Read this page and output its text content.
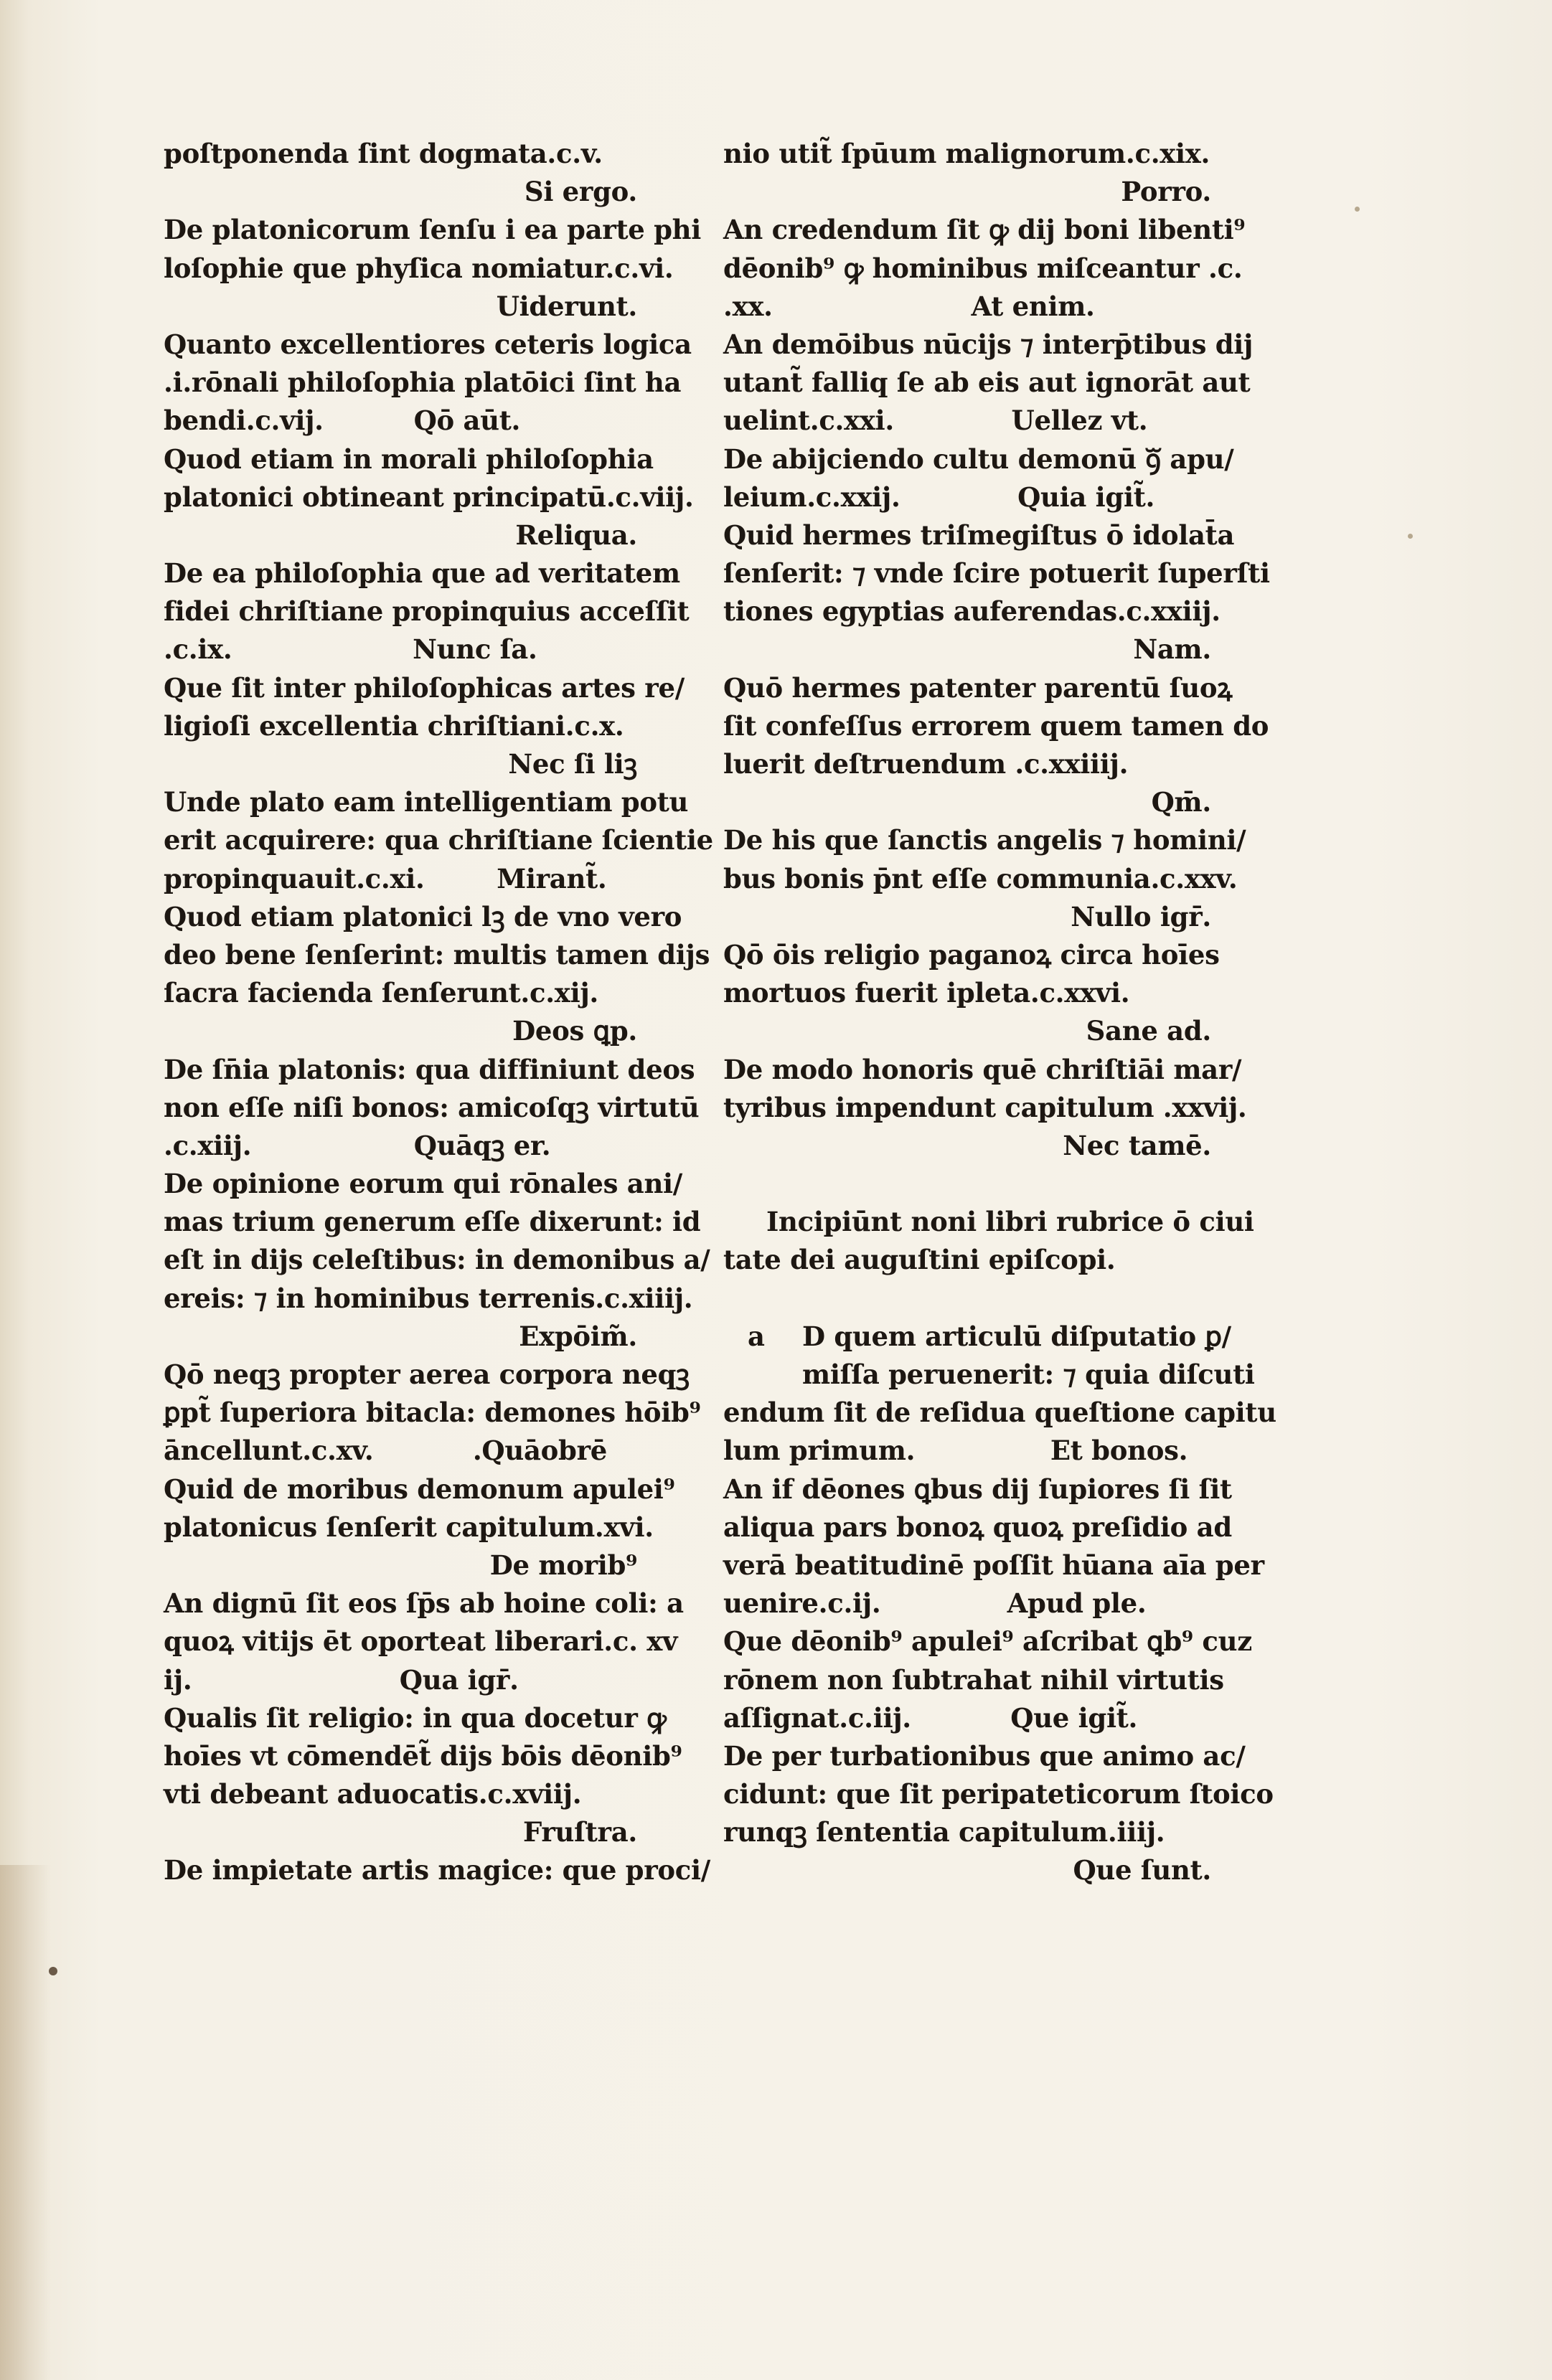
poſtponenda ſint dogmata.c.v.
Si ergo.
De platonicorum ſenſu i ea parte phi
loſophie que phyſica nomiatur.c.vi.
Uiderunt.
Quanto excellentiores ceteris logica
.i.rōnali philoſophia platōici ſint ha
bendi.c.vij.          Qō aūt.
Quod etiam in morali philoſophia
platonici obtineant principatū.c.viij.
Reliqua.
De ea philoſophia que ad veritatem
fidei chriſtiane propinquius acceſſit
.c.ix.                    Nunc ſa.
Que ſit inter philoſophicas artes re/
ligioſi excellentia chriſtiani.c.x.
Nec ſi liꝫ
Unde plato eam intelligentiam potu
erit acquirere: qua chriſtiane ſcientie
propinquauit.c.xi.        Mirant̃.
Quod etiam platonici lꝫ de vno vero
deo bene ſenſerint: multis tamen dijs
ſacra facienda ſenſerunt.c.xij.
Deos ꝗp.
De ſn̄ia platonis: qua diffiniunt deos
non eſſe niſi bonos: amicoſqꝫ virtutū
.c.xiij.                  Quāqꝫ er.
De opinione eorum qui rōnales ani/
mas trium generum eſſe dixerunt: id
eſt in dijs celeſtibus: in demonibus a/
ereis: ⁊ in hominibus terrenis.c.xiiij.
Expōim̃.
Qō neqꝫ propter aerea corpora neqꝫ
ꝑpt̃ ſuperiora bitacla: demones hōib⁹
āncellunt.c.xv.           .Quāobrē
Quid de moribus demonum apulei⁹
platonicus ſenſerit capitulum.xvi.
De morib⁹
An dignū ſit eos ſp̄s ab hoine coli: a
quoꝝ vitijs ēt oporteat liberari.c. xv
ij.                       Qua igr̄.
Qualis ſit religio: in qua docetur ꝙ
hoīes vt cōmendēt̃ dijs bōis dēonib⁹
vti debeant aduocatis.c.xviij.
Fruſtra.
De impietate artis magice: que proci/
nio utit̃ ſpūum malignorum.c.xix.
Porro.
An credendum ſit ꝙ dij boni libenti⁹
dēonib⁹ ꝙ hominibus miſceantur .c.
.xx.                      At enim.
An demōibus nūcijs ⁊ interp̄tibus dij
utant̃ falliq ſe ab eis aut ignorāt aut
uelint.c.xxi.             Uellez vt.
De abijciendo cultu demonū ꝯᷓ apu/
leium.c.xxij.             Quia igit̃.
Quid hermes triſmegiſtus ō idolat̄a
ſenſerit: ⁊ vnde ſcire potuerit ſuperſti
tiones egyptias auferendas.c.xxiij.
Nam.
Quō hermes patenter parentū ſuoꝝ
ſit confeſſus errorem quem tamen do
luerit deſtruendum .c.xxiiij.
Qm̄.
De his que ſanctis angelis ⁊ homini/
bus bonis p̄nt eſſe communia.c.xxv.
Nullo igr̄.
Qō ōis religio paganoꝝ circa hoīes
mortuos fuerit ipleta.c.xxvi.
Sane ad.
De modo honoris quē chriſtiāi mar/
tyribus impendunt capitulum .xxvij.
Nec tamē.
Incipiūnt noni libri rubrice ō ciui
tate dei auguſtini epiſcopi.
a D quem articulū diſputatio ꝑ/
miſſa peruenerit: ⁊ quia diſcuti
endum ſit de reſidua queſtione capitu
lum primum.               Et bonos.
An if dēones ꝗbus dij ſupiores ſi ſit
aliqua pars bonoꝝ quoꝝ preſidio ad
verā beatitudinē poſſit hūana aīa per
uenire.c.ij.              Apud ple.
Que dēonib⁹ apulei⁹ aſcribat ꝗb⁹ cuz
rōnem non ſubtrahat nihil virtutis
aſſignat.c.iij.           Que igit̃.
De per turbationibus que animo ac/
cidunt: que ſit peripateticorum ſtoico
runqꝫ ſententia capitulum.iiij.
Que ſunt.
